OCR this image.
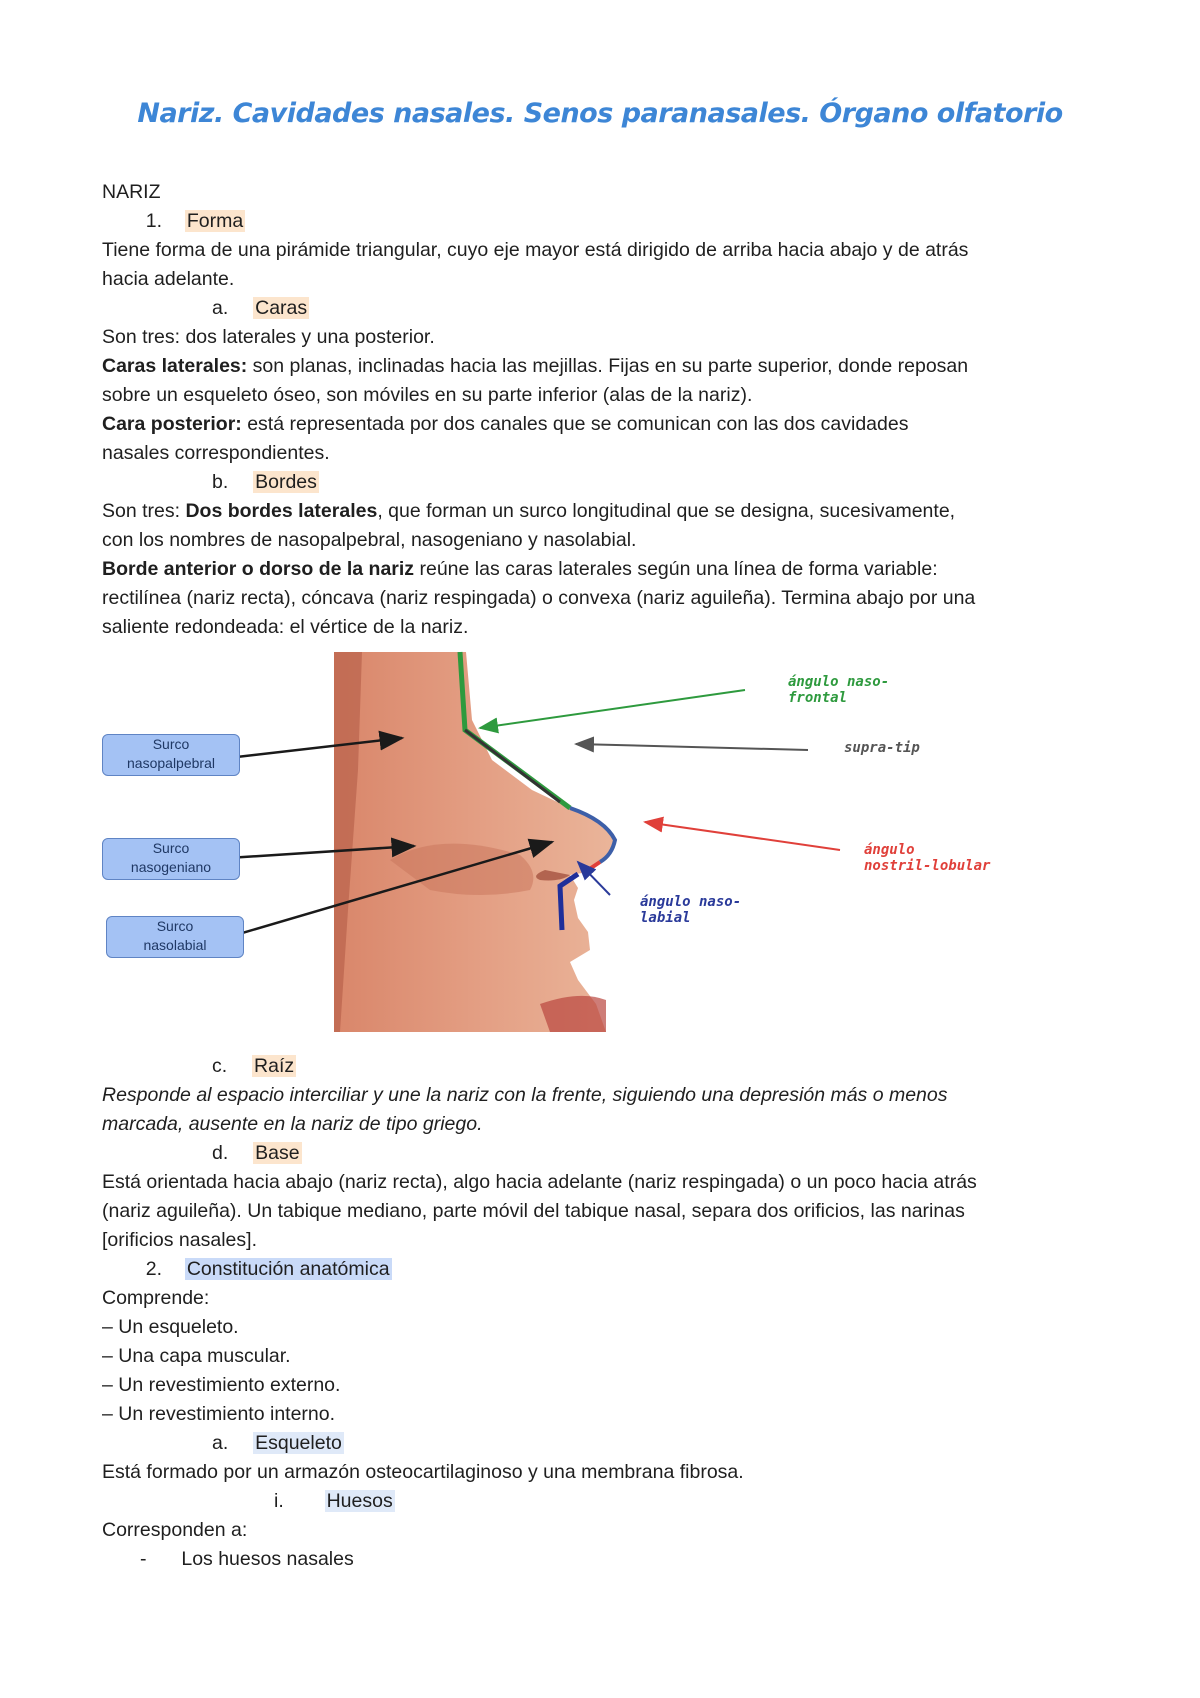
Nariz. Cavidades nasales. Senos paranasales. Órgano olfatorio
NARIZ
1. Forma
Tiene forma de una pirámide triangular, cuyo eje mayor está dirigido de arriba hacia abajo y de atrás
hacia adelante.
a. Caras
Son tres: dos laterales y una posterior.
Caras laterales: son planas, inclinadas hacia las mejillas. Fijas en su parte superior, donde reposan
sobre un esqueleto óseo, son móviles en su parte inferior (alas de la nariz).
Cara posterior: está representada por dos canales que se comunican con las dos cavidades
nasales correspondientes.
b. Bordes
Son tres: Dos bordes laterales, que forman un surco longitudinal que se designa, sucesivamente,
con los nombres de nasopalpebral, nasogeniano y nasolabial.
Borde anterior o dorso de la nariz reúne las caras laterales según una línea de forma variable:
rectilínea (nariz recta), cóncava (nariz respingada) o convexa (nariz aguileña). Termina abajo por una
saliente redondeada: el vértice de la nariz.
Surco
nasopalpebral
Surco
nasogeniano
Surco
nasolabial
ángulo naso-
frontal
supra-tip
ángulo
nostril-lobular
ángulo naso-
labial
c. Raíz
Responde al espacio interciliar y une la nariz con la frente, siguiendo una depresión más o menos
marcada, ausente en la nariz de tipo griego.
d. Base
Está orientada hacia abajo (nariz recta), algo hacia adelante (nariz respingada) o un poco hacia atrás
(nariz aguileña). Un tabique mediano, parte móvil del tabique nasal, separa dos orificios, las narinas
[orificios nasales].
2. Constitución anatómica
Comprende:
– Un esqueleto.
– Una capa muscular.
– Un revestimiento externo.
– Un revestimiento interno.
a. Esqueleto
Está formado por un armazón osteocartilaginoso y una membrana fibrosa.
i. Huesos
Corresponden a:
- Los huesos nasales
